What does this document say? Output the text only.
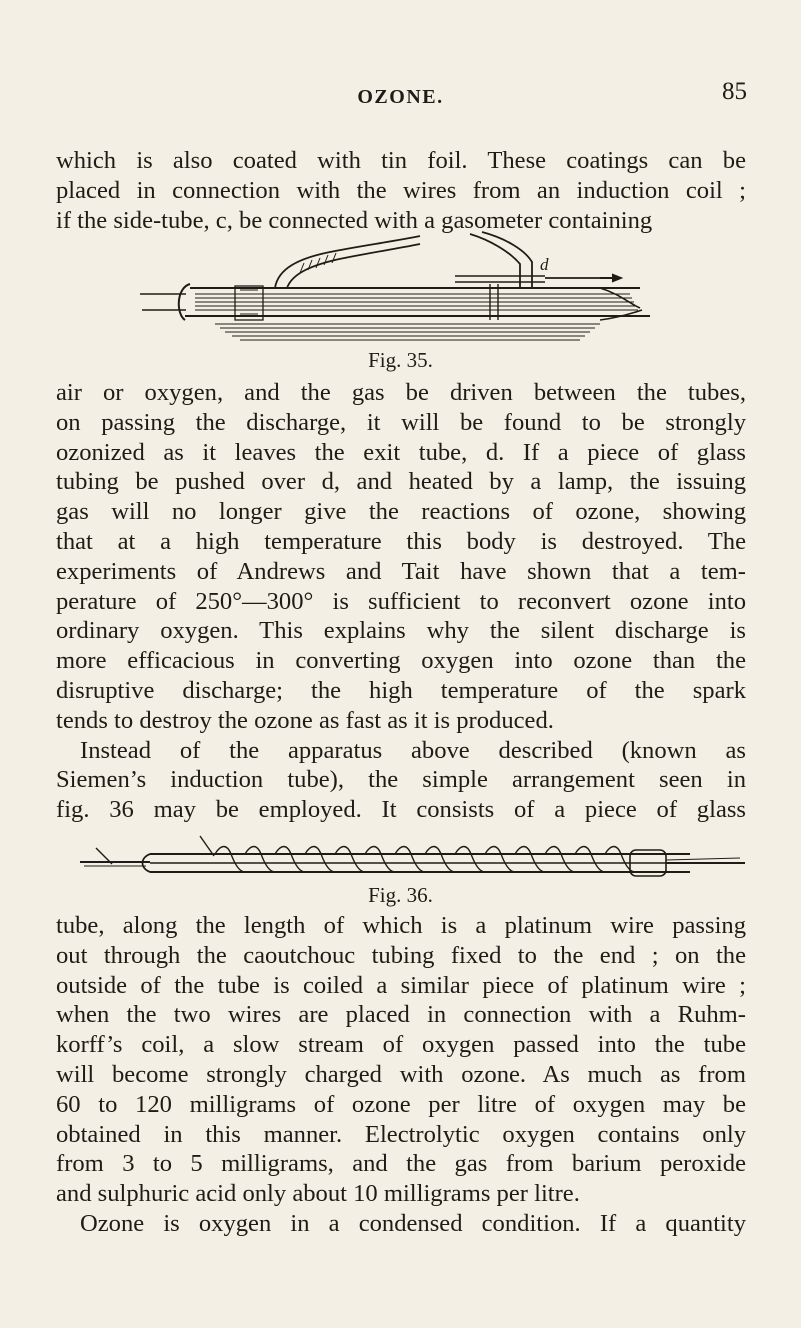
OZONE.	85
which is also coated with tin foil. These coatings can be
placed in connection with the wires from an induction coil ;
if the side-tube, c, be connected with a gasometer containing
d
Fig. 35.
air or oxygen, and the gas be driven between the tubes,
on passing the discharge, it will be found to be strongly
ozonized as it leaves the exit tube, d. If a piece of glass
tubing be pushed over d, and heated by a lamp, the issuing
gas will no longer give the reactions of ozone, showing
that at a high temperature this body is destroyed. The
experiments of Andrews and Tait have shown that a tem-
perature of 250°—300° is sufficient to reconvert ozone into
ordinary oxygen. This explains why the silent discharge is
more efficacious in converting oxygen into ozone than the
disruptive discharge; the high temperature of the spark
tends to destroy the ozone as fast as it is produced.
Instead of the apparatus above described (known as
Siemen’s induction tube), the simple arrangement seen in
fig. 36 may be employed. It consists of a piece of glass
Fig. 36.
tube, along the length of which is a platinum wire passing
out through the caoutchouc tubing fixed to the end ; on the
outside of the tube is coiled a similar piece of platinum wire ;
when the two wires are placed in connection with a Ruhm-
korff’s coil, a slow stream of oxygen passed into the tube
will become strongly charged with ozone. As much as from
60 to 120 milligrams of ozone per litre of oxygen may be
obtained in this manner. Electrolytic oxygen contains only
from 3 to 5 milligrams, and the gas from barium peroxide
and sulphuric acid only about 10 milligrams per litre.
Ozone is oxygen in a condensed condition. If a quantity
